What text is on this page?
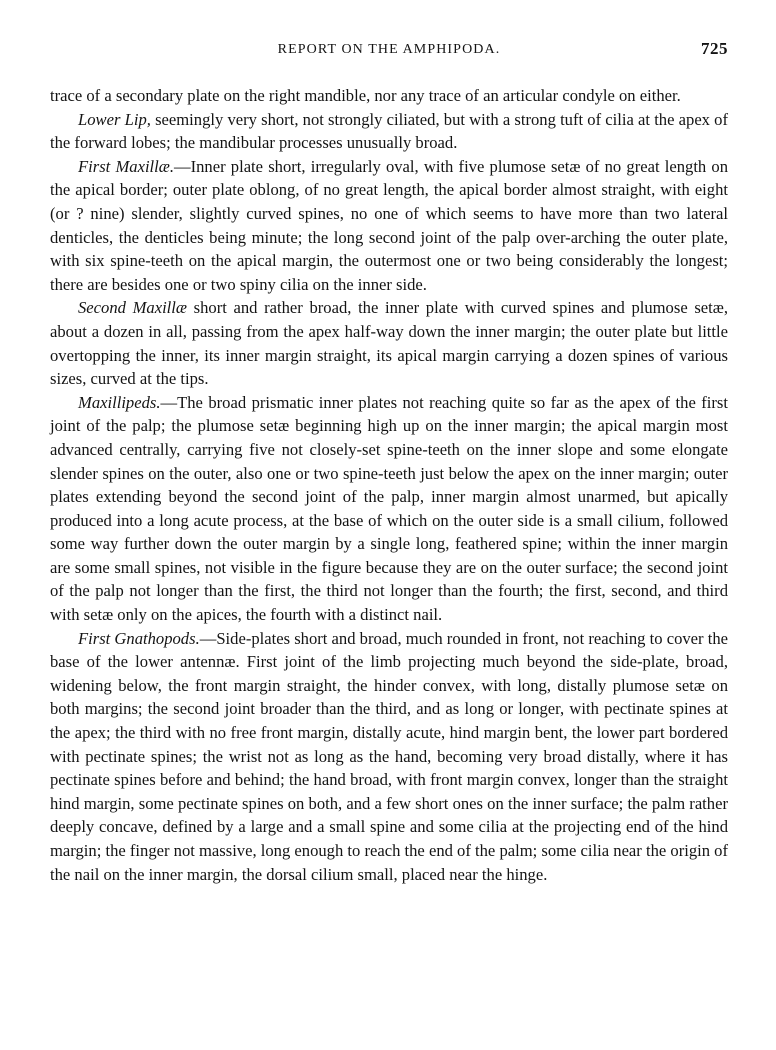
REPORT ON THE AMPHIPODA.	725

trace of a secondary plate on the right mandible, nor any trace of an articular condyle on either.

Lower Lip, seemingly very short, not strongly ciliated, but with a strong tuft of cilia at the apex of the forward lobes; the mandibular processes unusually broad.

First Maxillæ.—Inner plate short, irregularly oval, with five plumose setæ of no great length on the apical border; outer plate oblong, of no great length, the apical border almost straight, with eight (or ? nine) slender, slightly curved spines, no one of which seems to have more than two lateral denticles, the denticles being minute; the long second joint of the palp over-arching the outer plate, with six spine-teeth on the apical margin, the outermost one or two being considerably the longest; there are besides one or two spiny cilia on the inner side.

Second Maxillæ short and rather broad, the inner plate with curved spines and plumose setæ, about a dozen in all, passing from the apex half-way down the inner margin; the outer plate but little overtopping the inner, its inner margin straight, its apical margin carrying a dozen spines of various sizes, curved at the tips.

Maxillipeds.—The broad prismatic inner plates not reaching quite so far as the apex of the first joint of the palp; the plumose setæ beginning high up on the inner margin; the apical margin most advanced centrally, carrying five not closely-set spine-teeth on the inner slope and some elongate slender spines on the outer, also one or two spine-teeth just below the apex on the inner margin; outer plates extending beyond the second joint of the palp, inner margin almost unarmed, but apically produced into a long acute process, at the base of which on the outer side is a small cilium, followed some way further down the outer margin by a single long, feathered spine; within the inner margin are some small spines, not visible in the figure because they are on the outer surface; the second joint of the palp not longer than the first, the third not longer than the fourth; the first, second, and third with setæ only on the apices, the fourth with a distinct nail.

First Gnathopods.—Side-plates short and broad, much rounded in front, not reaching to cover the base of the lower antennæ. First joint of the limb projecting much beyond the side-plate, broad, widening below, the front margin straight, the hinder convex, with long, distally plumose setæ on both margins; the second joint broader than the third, and as long or longer, with pectinate spines at the apex; the third with no free front margin, distally acute, hind margin bent, the lower part bordered with pectinate spines; the wrist not as long as the hand, becoming very broad distally, where it has pectinate spines before and behind; the hand broad, with front margin convex, longer than the straight hind margin, some pectinate spines on both, and a few short ones on the inner surface; the palm rather deeply concave, defined by a large and a small spine and some cilia at the projecting end of the hind margin; the finger not massive, long enough to reach the end of the palm; some cilia near the origin of the nail on the inner margin, the dorsal cilium small, placed near the hinge.
